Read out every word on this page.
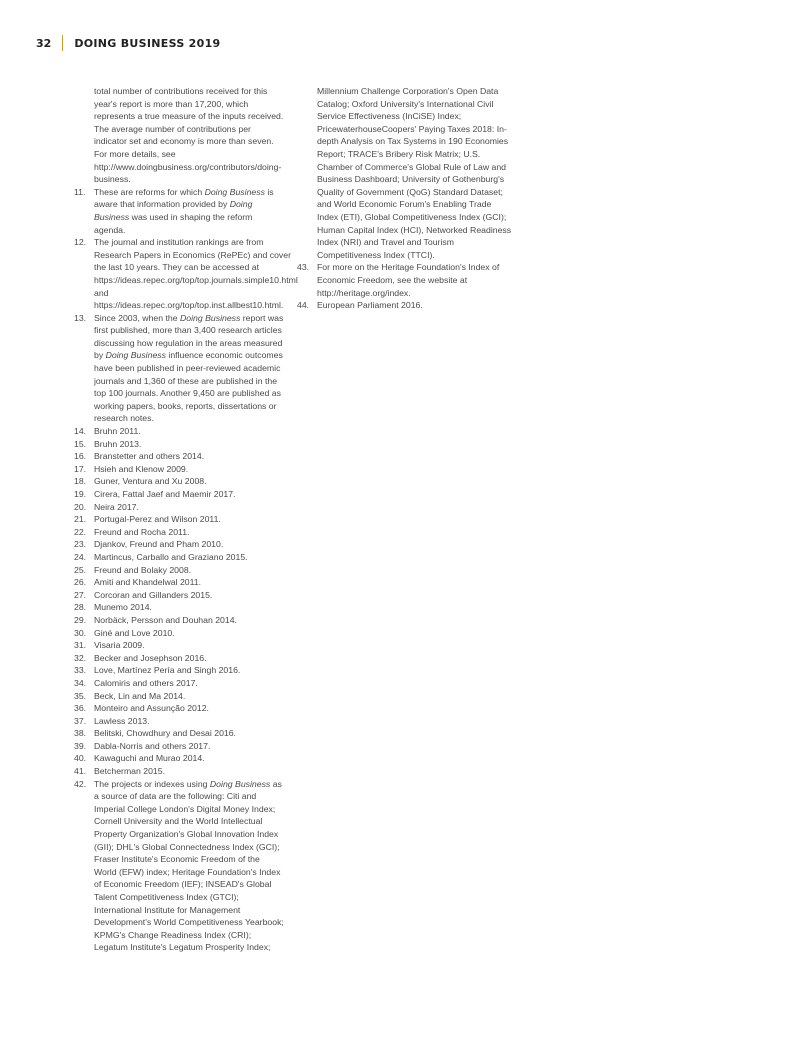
32 DOING BUSINESS 2019
total number of contributions received for this year's report is more than 17,200, which represents a true measure of the inputs received. The average number of contributions per indicator set and economy is more than seven. For more details, see http://www.doingbusiness.org/contributors/doing-business.
11. These are reforms for which Doing Business is aware that information provided by Doing Business was used in shaping the reform agenda.
12. The journal and institution rankings are from Research Papers in Economics (RePEc) and cover the last 10 years. They can be accessed at https://ideas.repec.org/top/top.journals.simple10.html and https://ideas.repec.org/top/top.inst.allbest10.html.
13. Since 2003, when the Doing Business report was first published, more than 3,400 research articles discussing how regulation in the areas measured by Doing Business influence economic outcomes have been published in peer-reviewed academic journals and 1,360 of these are published in the top 100 journals. Another 9,450 are published as working papers, books, reports, dissertations or research notes.
14. Bruhn 2011.
15. Bruhn 2013.
16. Branstetter and others 2014.
17. Hsieh and Klenow 2009.
18. Guner, Ventura and Xu 2008.
19. Cirera, Fattal Jaef and Maemir 2017.
20. Neira 2017.
21. Portugal-Perez and Wilson 2011.
22. Freund and Rocha 2011.
23. Djankov, Freund and Pham 2010.
24. Martincus, Carballo and Graziano 2015.
25. Freund and Bolaky 2008.
26. Amiti and Khandelwal 2011.
27. Corcoran and Gillanders 2015.
28. Munemo 2014.
29. Norbäck, Persson and Douhan 2014.
30. Giné and Love 2010.
31. Visaria 2009.
32. Becker and Josephson 2016.
33. Love, Martínez Pería and Singh 2016.
34. Calomiris and others 2017.
35. Beck, Lin and Ma 2014.
36. Monteiro and Assunção 2012.
37. Lawless 2013.
38. Belitski, Chowdhury and Desai 2016.
39. Dabla-Norris and others 2017.
40. Kawaguchi and Murao 2014.
41. Betcherman 2015.
42. The projects or indexes using Doing Business as a source of data are the following: Citi and Imperial College London's Digital Money Index; Cornell University and the World Intellectual Property Organization's Global Innovation Index (GII); DHL's Global Connectedness Index (GCI); Fraser Institute's Economic Freedom of the World (EFW) index; Heritage Foundation's Index of Economic Freedom (IEF); INSEAD's Global Talent Competitiveness Index (GTCI); International Institute for Management Development's World Competitiveness Yearbook; KPMG's Change Readiness Index (CRI); Legatum Institute's Legatum Prosperity Index;
Millennium Challenge Corporation's Open Data Catalog; Oxford University's International Civil Service Effectiveness (InCiSE) Index; PricewaterhouseCoopers' Paying Taxes 2018: In-depth Analysis on Tax Systems in 190 Economies Report; TRACE's Bribery Risk Matrix; U.S. Chamber of Commerce's Global Rule of Law and Business Dashboard; University of Gothenburg's Quality of Government (QoG) Standard Dataset; and World Economic Forum's Enabling Trade Index (ETI), Global Competitiveness Index (GCI); Human Capital Index (HCI), Networked Readiness Index (NRI) and Travel and Tourism Competitiveness Index (TTCI).
43. For more on the Heritage Foundation's Index of Economic Freedom, see the website at http://heritage.org/index.
44. European Parliament 2016.
